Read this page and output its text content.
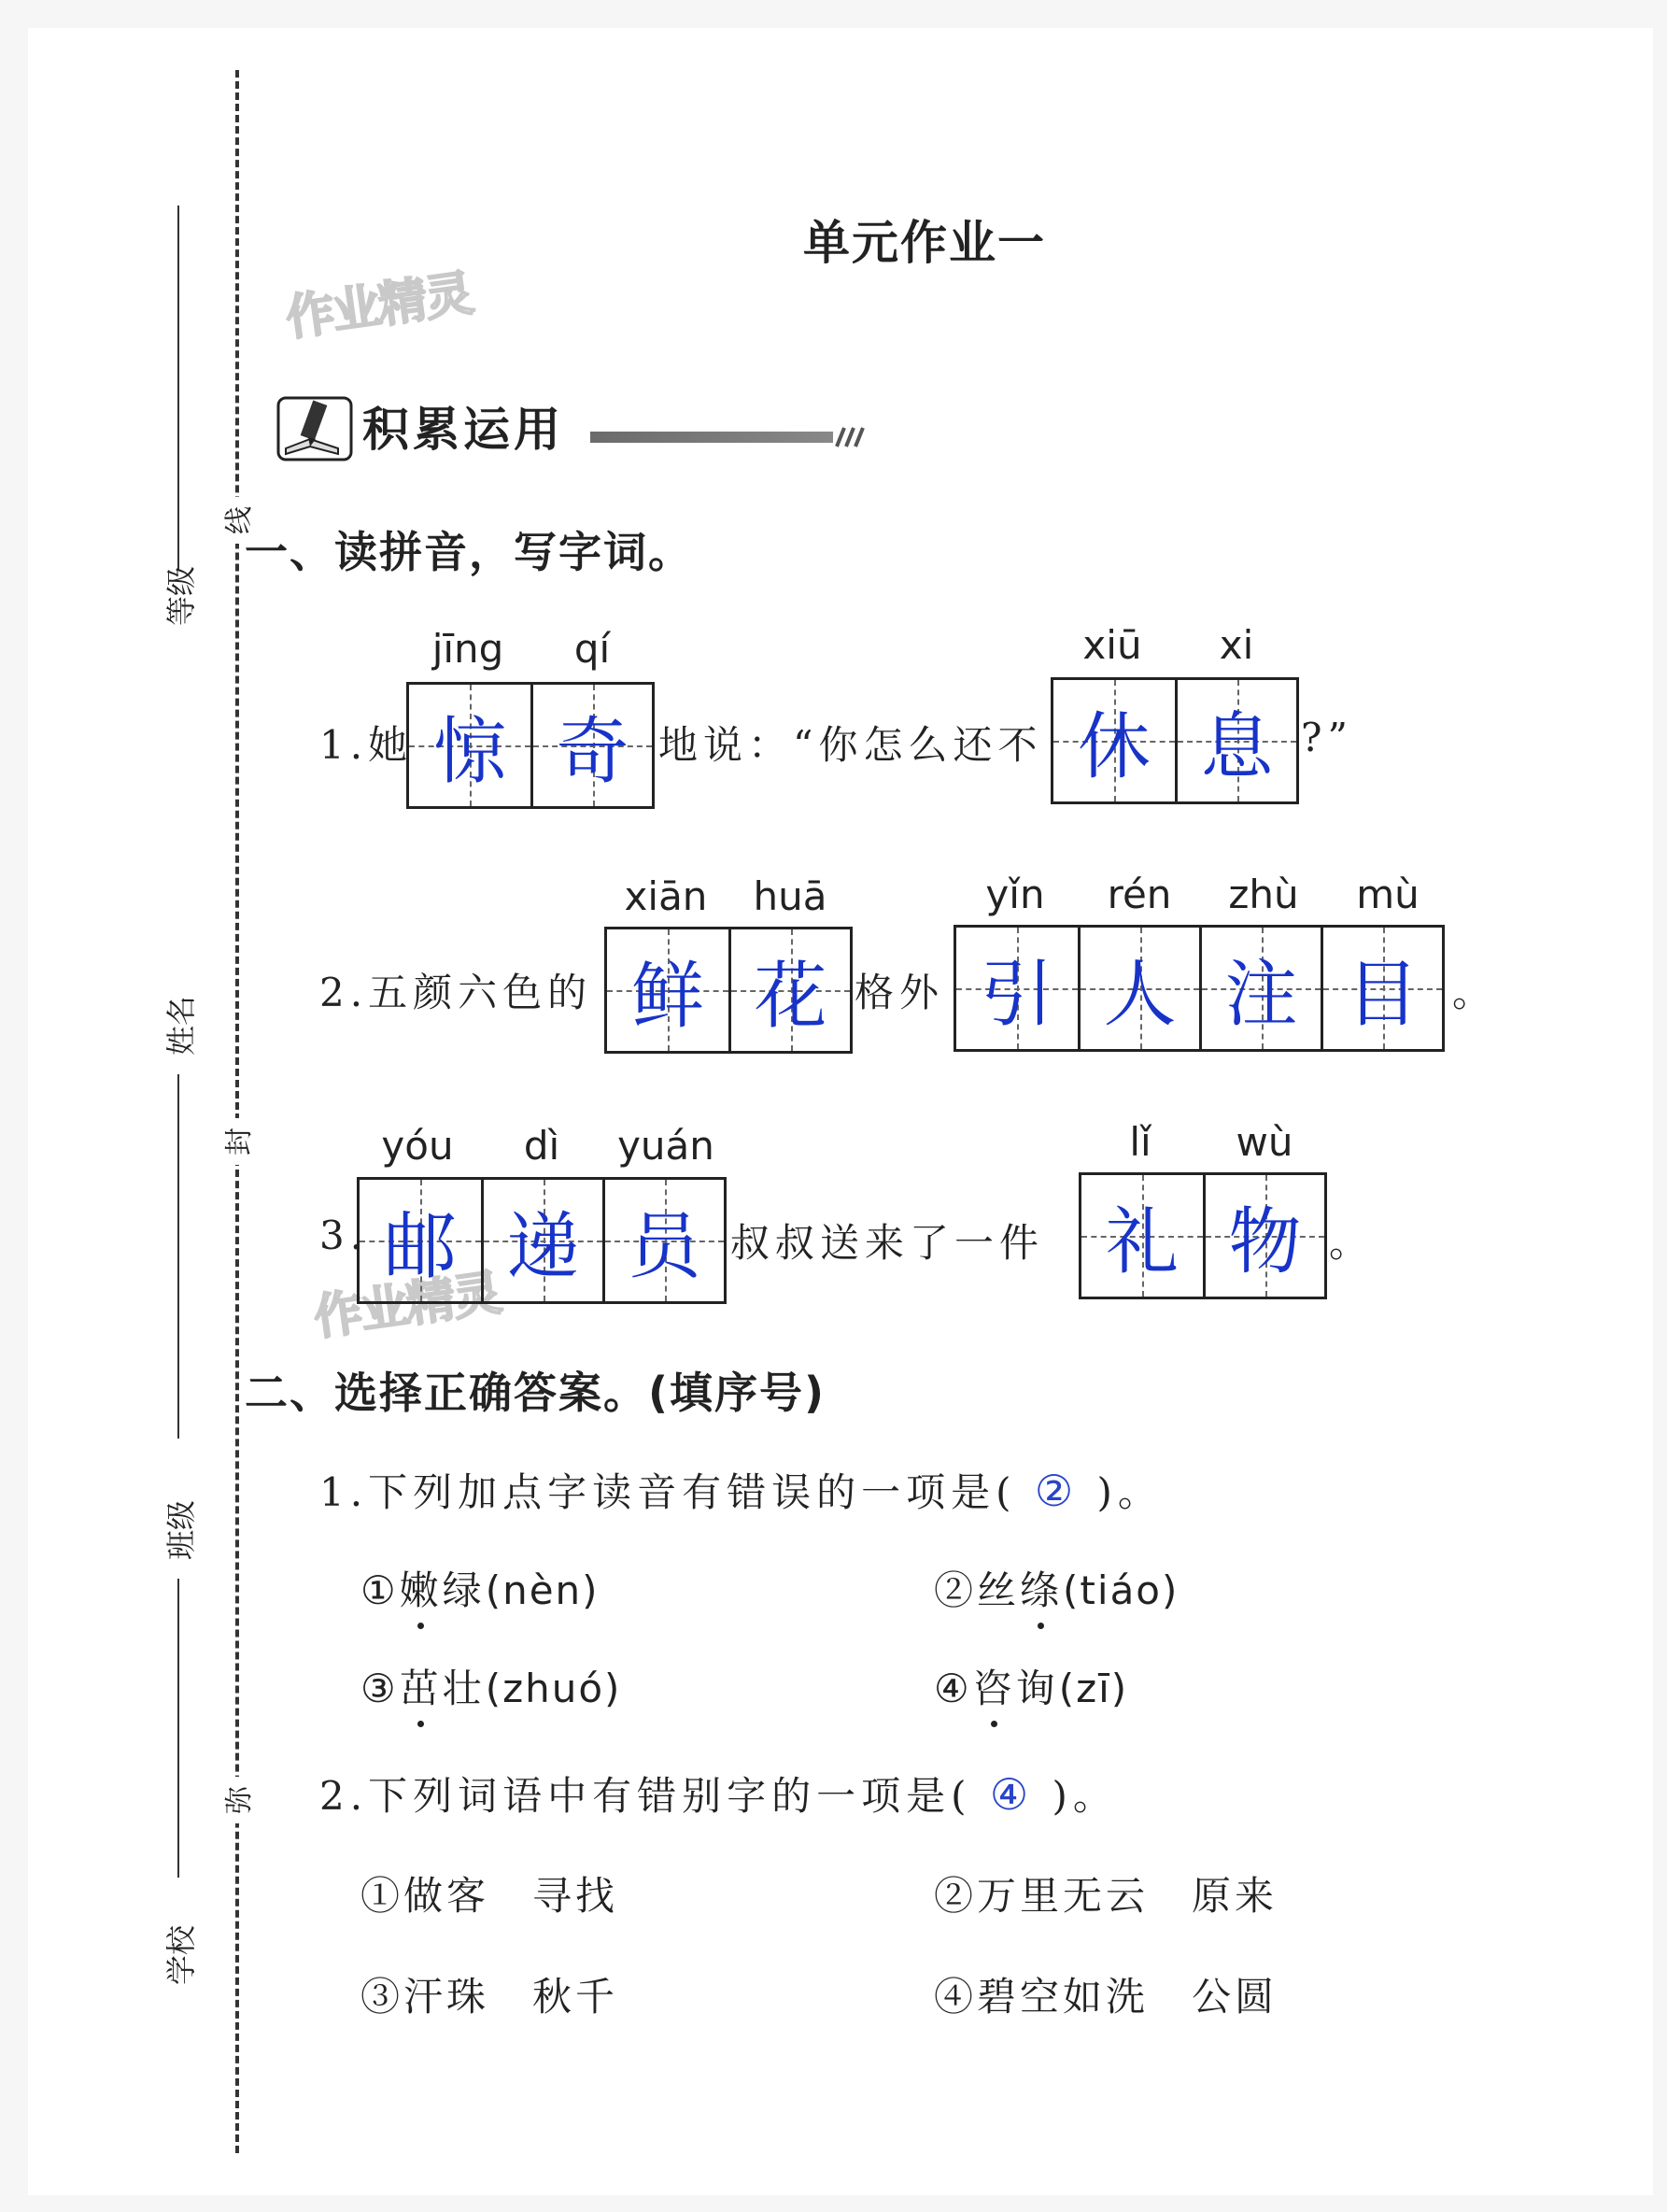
线
封
弥
等级
姓名
班级
学校
单元作业一
作业精灵
作业精灵
积累运用
一、读拼音，写字词。
jīng	qí
1.她 惊 奇 地说：“你怎么还不
xiū	xi
休 息 ?”
2.五颜六色的
xiān	huā
鲜 花 格外
yǐn	rén	zhù	mù
引 人 注 目 。
3.
yóu	dì	yuán
邮 递 员 叔叔送来了一件
lǐ	wù
礼 物 。
二、选择正确答案。(填序号)
1.下列加点字读音有错误的一项是( ② )。
①嫩绿(nèn)	②丝绦(tiáo)
③茁壮(zhuó)	④咨询(zī)
2.下列词语中有错别字的一项是( ④ )。
①做客　寻找	②万里无云　原来
③汗珠　秋千	④碧空如洗　公圆
